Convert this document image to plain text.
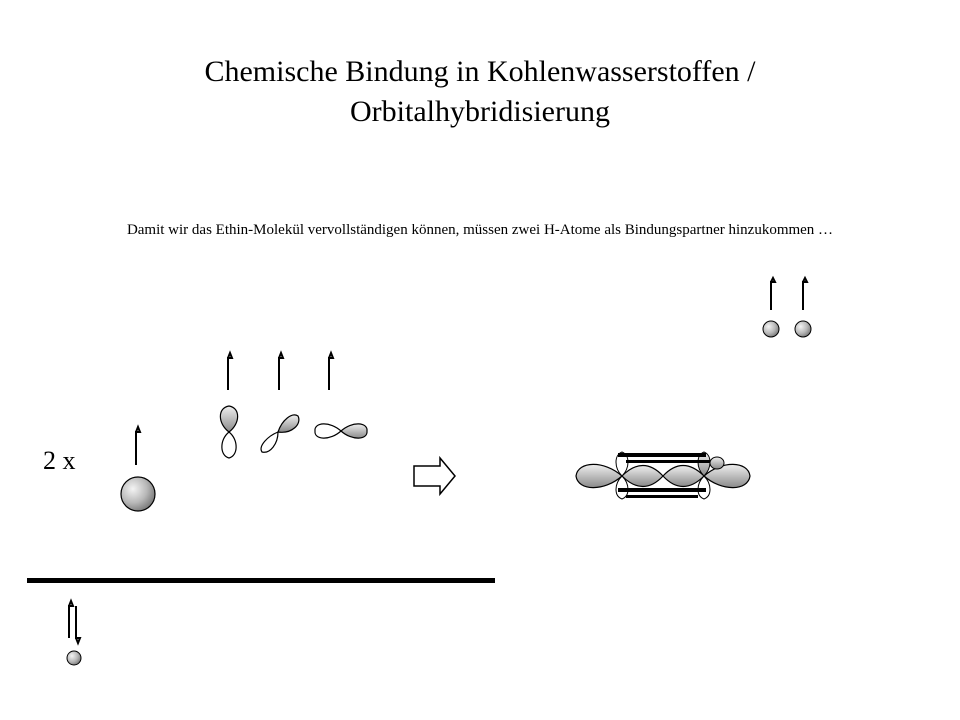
Chemische Bindung in Kohlenwasserstoffen /
Orbitalhybridisierung
Damit wir das Ethin-Molekül vervollständigen können, müssen zwei H-Atome als Bindungspartner hinzukommen …
2 x
